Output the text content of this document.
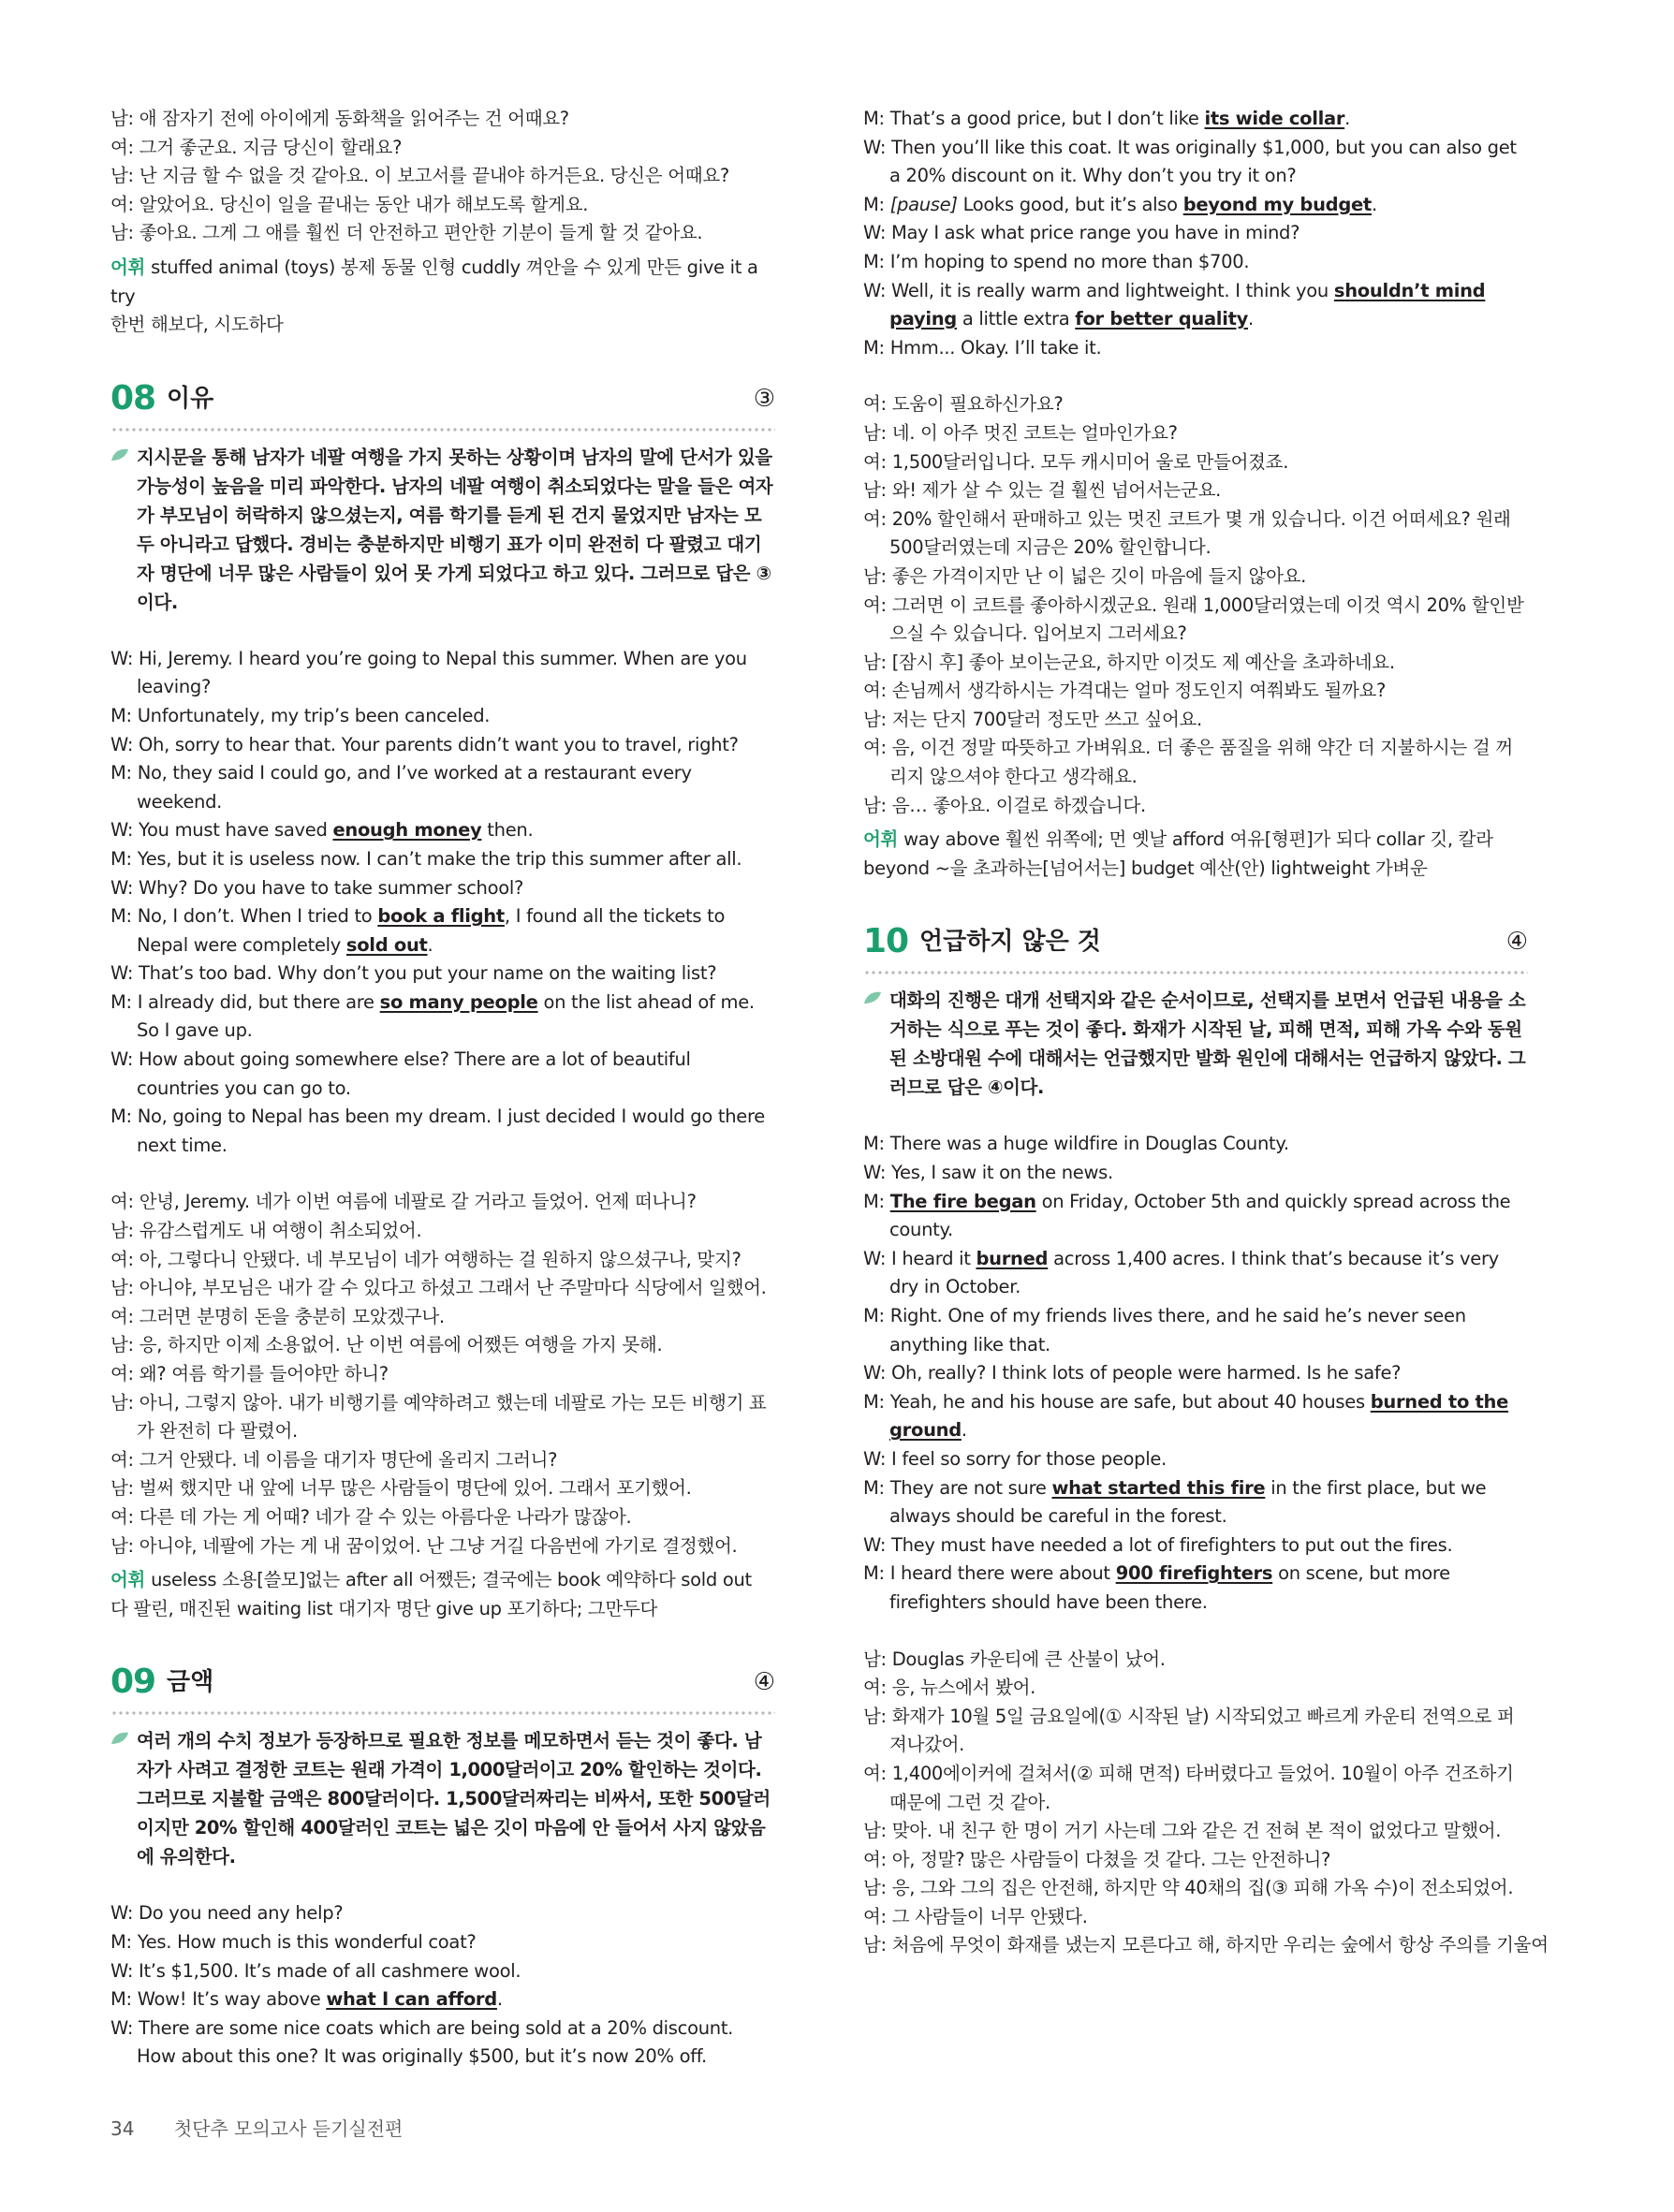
남: 애 잠자기 전에 아이에게 동화책을 읽어주는 건 어때요?
여: 그거 좋군요. 지금 당신이 할래요?
남: 난 지금 할 수 없을 것 같아요. 이 보고서를 끝내야 하거든요. 당신은 어때요?
여: 알았어요. 당신이 일을 끝내는 동안 내가 해보도록 할게요.
남: 좋아요. 그게 그 애를 훨씬 더 안전하고 편안한 기분이 들게 할 것 같아요.
어휘 stuffed animal (toys) 봉제 동물 인형 cuddly 껴안을 수 있게 만든 give it a try
한번 해보다, 시도하다
08 이유	③
지시문을 통해 남자가 네팔 여행을 가지 못하는 상황이며 남자의 말에 단서가 있을 가능성이 높음을 미리 파악한다. 남자의 네팔 여행이 취소되었다는 말을 들은 여자가 부모님이 허락하지 않으셨는지, 여름 학기를 듣게 된 건지 물었지만 남자는 모두 아니라고 답했다. 경비는 충분하지만 비행기 표가 이미 완전히 다 팔렸고 대기자 명단에 너무 많은 사람들이 있어 못 가게 되었다고 하고 있다. 그러므로 답은 ③이다.
W: Hi, Jeremy. I heard you’re going to Nepal this summer. When are you leaving?
M: Unfortunately, my trip’s been canceled.
W: Oh, sorry to hear that. Your parents didn’t want you to travel, right?
M: No, they said I could go, and I’ve worked at a restaurant every weekend.
W: You must have saved enough money then.
M: Yes, but it is useless now. I can’t make the trip this summer after all.
W: Why? Do you have to take summer school?
M: No, I don’t. When I tried to book a flight, I found all the tickets to Nepal were completely sold out.
W: That’s too bad. Why don’t you put your name on the waiting list?
M: I already did, but there are so many people on the list ahead of me. So I gave up.
W: How about going somewhere else? There are a lot of beautiful countries you can go to.
M: No, going to Nepal has been my dream. I just decided I would go there next time.
여: 안녕, Jeremy. 네가 이번 여름에 네팔로 갈 거라고 들었어. 언제 떠나니?
남: 유감스럽게도 내 여행이 취소되었어.
여: 아, 그렇다니 안됐다. 네 부모님이 네가 여행하는 걸 원하지 않으셨구나, 맞지?
남: 아니야, 부모님은 내가 갈 수 있다고 하셨고 그래서 난 주말마다 식당에서 일했어.
여: 그러면 분명히 돈을 충분히 모았겠구나.
남: 응, 하지만 이제 소용없어. 난 이번 여름에 어쨌든 여행을 가지 못해.
여: 왜? 여름 학기를 들어야만 하니?
남: 아니, 그렇지 않아. 내가 비행기를 예약하려고 했는데 네팔로 가는 모든 비행기 표가 완전히 다 팔렸어.
여: 그거 안됐다. 네 이름을 대기자 명단에 올리지 그러니?
남: 벌써 했지만 내 앞에 너무 많은 사람들이 명단에 있어. 그래서 포기했어.
여: 다른 데 가는 게 어때? 네가 갈 수 있는 아름다운 나라가 많잖아.
남: 아니야, 네팔에 가는 게 내 꿈이었어. 난 그냥 거길 다음번에 가기로 결정했어.
어휘 useless 소용[쓸모]없는 after all 어쨌든; 결국에는 book 예약하다 sold out
다 팔린, 매진된 waiting list 대기자 명단 give up 포기하다; 그만두다
09 금액	④
여러 개의 수치 정보가 등장하므로 필요한 정보를 메모하면서 듣는 것이 좋다. 남자가 사려고 결정한 코트는 원래 가격이 1,000달러이고 20% 할인하는 것이다. 그러므로 지불할 금액은 800달러이다. 1,500달러짜리는 비싸서, 또한 500달러이지만 20% 할인해 400달러인 코트는 넓은 깃이 마음에 안 들어서 사지 않았음에 유의한다.
W: Do you need any help?
M: Yes. How much is this wonderful coat?
W: It’s $1,500. It’s made of all cashmere wool.
M: Wow! It’s way above what I can afford.
W: There are some nice coats which are being sold at a 20% discount. How about this one? It was originally $500, but it’s now 20% off.
M: That’s a good price, but I don’t like its wide collar.
W: Then you’ll like this coat. It was originally $1,000, but you can also get a 20% discount on it. Why don’t you try it on?
M: [pause] Looks good, but it’s also beyond my budget.
W: May I ask what price range you have in mind?
M: I’m hoping to spend no more than $700.
W: Well, it is really warm and lightweight. I think you shouldn’t mind paying a little extra for better quality.
M: Hmm... Okay. I’ll take it.
여: 도움이 필요하신가요?
남: 네. 이 아주 멋진 코트는 얼마인가요?
여: 1,500달러입니다. 모두 캐시미어 울로 만들어졌죠.
남: 와! 제가 살 수 있는 걸 훨씬 넘어서는군요.
여: 20% 할인해서 판매하고 있는 멋진 코트가 몇 개 있습니다. 이건 어떠세요? 원래 500달러였는데 지금은 20% 할인합니다.
남: 좋은 가격이지만 난 이 넓은 깃이 마음에 들지 않아요.
여: 그러면 이 코트를 좋아하시겠군요. 원래 1,000달러였는데 이것 역시 20% 할인받으실 수 있습니다. 입어보지 그러세요?
남: [잠시 후] 좋아 보이는군요, 하지만 이것도 제 예산을 초과하네요.
여: 손님께서 생각하시는 가격대는 얼마 정도인지 여쭤봐도 될까요?
남: 저는 단지 700달러 정도만 쓰고 싶어요.
여: 음, 이건 정말 따뜻하고 가벼워요. 더 좋은 품질을 위해 약간 더 지불하시는 걸 꺼리지 않으셔야 한다고 생각해요.
남: 음… 좋아요. 이걸로 하겠습니다.
어휘 way above 훨씬 위쪽에; 먼 옛날 afford 여유[형편]가 되다 collar 깃, 칼라
beyond ~을 초과하는[넘어서는] budget 예산(안) lightweight 가벼운
10 언급하지 않은 것	④
대화의 진행은 대개 선택지와 같은 순서이므로, 선택지를 보면서 언급된 내용을 소거하는 식으로 푸는 것이 좋다. 화재가 시작된 날, 피해 면적, 피해 가옥 수와 동원된 소방대원 수에 대해서는 언급했지만 발화 원인에 대해서는 언급하지 않았다. 그러므로 답은 ④이다.
M: There was a huge wildfire in Douglas County.
W: Yes, I saw it on the news.
M: The fire began on Friday, October 5th and quickly spread across the county.
W: I heard it burned across 1,400 acres. I think that’s because it’s very dry in October.
M: Right. One of my friends lives there, and he said he’s never seen anything like that.
W: Oh, really? I think lots of people were harmed. Is he safe?
M: Yeah, he and his house are safe, but about 40 houses burned to the ground.
W: I feel so sorry for those people.
M: They are not sure what started this fire in the first place, but we always should be careful in the forest.
W: They must have needed a lot of firefighters to put out the fires.
M: I heard there were about 900 firefighters on scene, but more firefighters should have been there.
남: Douglas 카운티에 큰 산불이 났어.
여: 응, 뉴스에서 봤어.
남: 화재가 10월 5일 금요일에(① 시작된 날) 시작되었고 빠르게 카운티 전역으로 퍼져나갔어.
여: 1,400에이커에 걸쳐서(② 피해 면적) 타버렸다고 들었어. 10월이 아주 건조하기 때문에 그런 것 같아.
남: 맞아. 내 친구 한 명이 거기 사는데 그와 같은 건 전혀 본 적이 없었다고 말했어.
여: 아, 정말? 많은 사람들이 다쳤을 것 같다. 그는 안전하니?
남: 응, 그와 그의 집은 안전해, 하지만 약 40채의 집(③ 피해 가옥 수)이 전소되었어.
여: 그 사람들이 너무 안됐다.
남: 처음에 무엇이 화재를 냈는지 모른다고 해, 하지만 우리는 숲에서 항상 주의를 기울여
34 첫단추 모의고사 듣기실전편
